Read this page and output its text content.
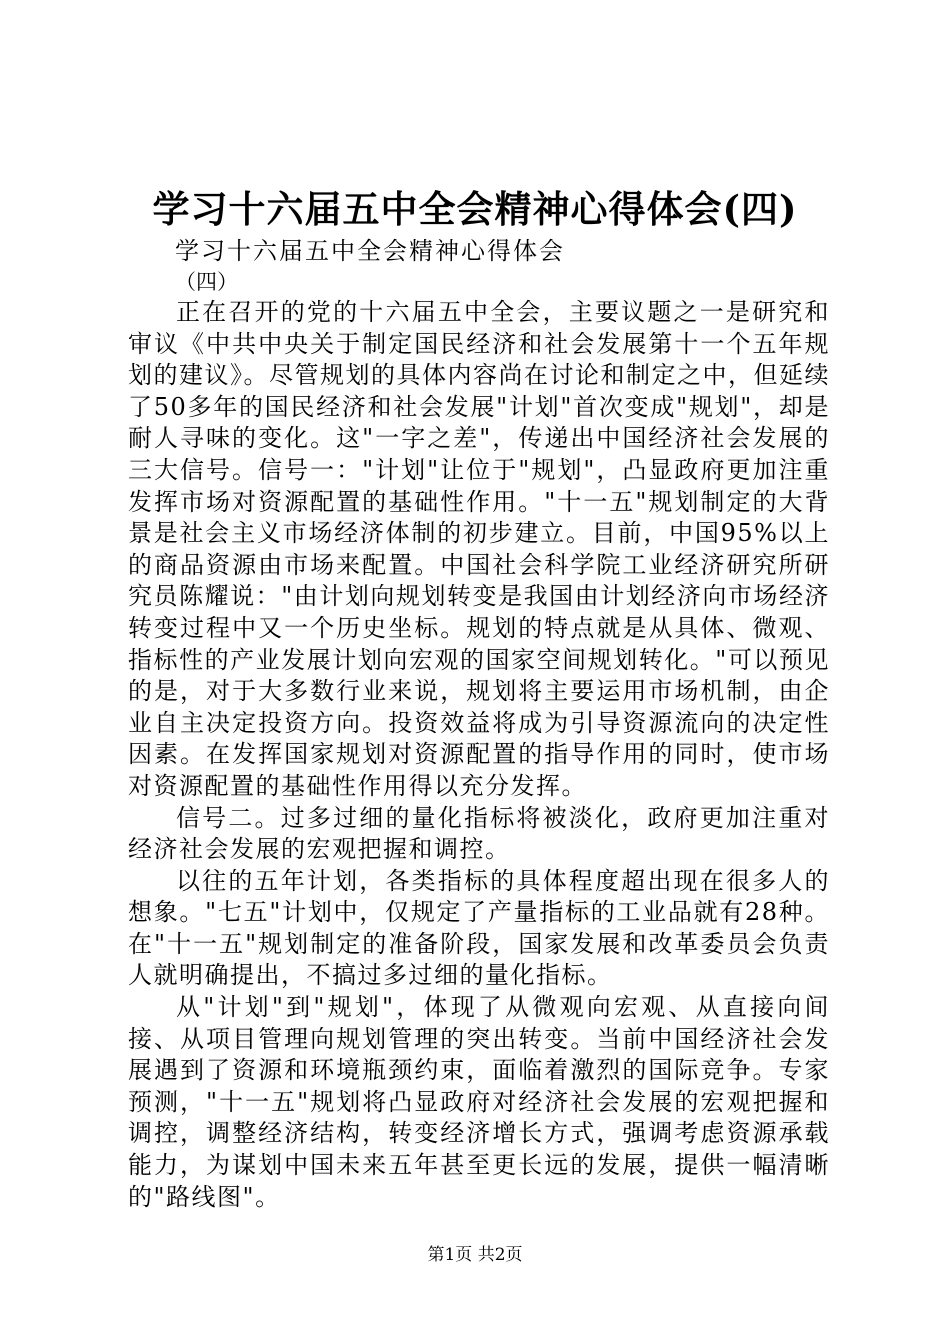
学习十六届五中全会精神心得体会(四)
学习十六届五中全会精神心得体会
（四）

正在召开的党的十六届五中全会，主要议题之一是研究和审议《中共中央关于制定国民经济和社会发展第十一个五年规划的建议》。尽管规划的具体内容尚在讨论和制定之中，但延续了50多年的国民经济和社会发展"计划"首次变成"规划"，却是耐人寻味的变化。这"一字之差"，传递出中国经济社会发展的三大信号。信号一："计划"让位于"规划"，凸显政府更加注重发挥市场对资源配置的基础性作用。"十一五"规划制定的大背景是社会主义市场经济体制的初步建立。目前，中国95%以上的商品资源由市场来配置。中国社会科学院工业经济研究所研究员陈耀说："由计划向规划转变是我国由计划经济向市场经济转变过程中又一个历史坐标。规划的特点就是从具体、微观、指标性的产业发展计划向宏观的国家空间规划转化。"可以预见的是，对于大多数行业来说，规划将主要运用市场机制，由企业自主决定投资方向。投资效益将成为引导资源流向的决定性因素。在发挥国家规划对资源配置的指导作用的同时，使市场对资源配置的基础性作用得以充分发挥。

信号二。过多过细的量化指标将被淡化，政府更加注重对经济社会发展的宏观把握和调控。

以往的五年计划，各类指标的具体程度超出现在很多人的想象。"七五"计划中，仅规定了产量指标的工业品就有28种。在"十一五"规划制定的准备阶段，国家发展和改革委员会负责人就明确提出，不搞过多过细的量化指标。

从"计划"到"规划"，体现了从微观向宏观、从直接向间接、从项目管理向规划管理的突出转变。当前中国经济社会发展遇到了资源和环境瓶颈约束，面临着激烈的国际竞争。专家预测，"十一五"规划将凸显政府对经济社会发展的宏观把握和调控，调整经济结构，转变经济增长方式，强调考虑资源承载能力，为谋划中国未来五年甚至更长远的发展，提供一幅清晰的"路线图"。

第1页 共2页
